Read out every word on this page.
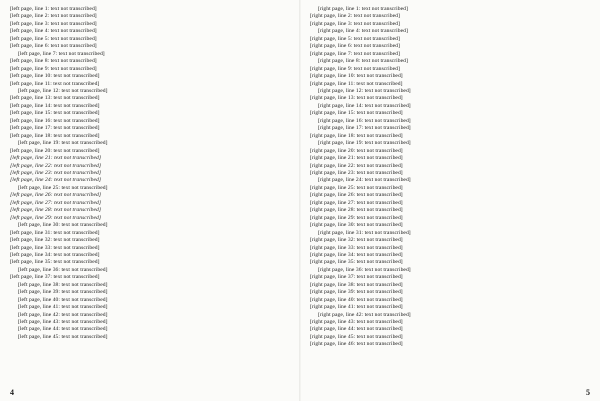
[left page, line 1: text not transcribed]
[left page, line 2: text not transcribed]
[left page, line 3: text not transcribed]
[left page, line 4: text not transcribed]
[left page, line 5: text not transcribed]
[left page, line 6: text not transcribed]
[left page, line 7: text not transcribed]
[left page, line 8: text not transcribed]
[left page, line 9: text not transcribed]
[left page, line 10: text not transcribed]
[left page, line 11: text not transcribed]
[left page, line 12: text not transcribed]
[left page, line 13: text not transcribed]
[left page, line 14: text not transcribed]
[left page, line 15: text not transcribed]
[left page, line 16: text not transcribed]
[left page, line 17: text not transcribed]
[left page, line 18: text not transcribed]
[left page, line 19: text not transcribed]
[left page, line 20: text not transcribed]
[left page, line 21: text not transcribed]
[left page, line 22: text not transcribed]
[left page, line 23: text not transcribed]
[left page, line 24: text not transcribed]
[left page, line 25: text not transcribed]
[left page, line 26: text not transcribed]
[left page, line 27: text not transcribed]
[left page, line 28: text not transcribed]
[left page, line 29: text not transcribed]
[left page, line 30: text not transcribed]
[left page, line 31: text not transcribed]
[left page, line 32: text not transcribed]
[left page, line 33: text not transcribed]
[left page, line 34: text not transcribed]
[left page, line 35: text not transcribed]
[left page, line 36: text not transcribed]
[left page, line 37: text not transcribed]
[left page, line 38: text not transcribed]
[left page, line 39: text not transcribed]
[left page, line 40: text not transcribed]
[left page, line 41: text not transcribed]
[left page, line 42: text not transcribed]
[left page, line 43: text not transcribed]
[left page, line 44: text not transcribed]
[left page, line 45: text not transcribed]
4
[right page, line 1: text not transcribed]
[right page, line 2: text not transcribed]
[right page, line 3: text not transcribed]
[right page, line 4: text not transcribed]
[right page, line 5: text not transcribed]
[right page, line 6: text not transcribed]
[right page, line 7: text not transcribed]
[right page, line 8: text not transcribed]
[right page, line 9: text not transcribed]
[right page, line 10: text not transcribed]
[right page, line 11: text not transcribed]
[right page, line 12: text not transcribed]
[right page, line 13: text not transcribed]
[right page, line 14: text not transcribed]
[right page, line 15: text not transcribed]
[right page, line 16: text not transcribed]
[right page, line 17: text not transcribed]
[right page, line 18: text not transcribed]
[right page, line 19: text not transcribed]
[right page, line 20: text not transcribed]
[right page, line 21: text not transcribed]
[right page, line 22: text not transcribed]
[right page, line 23: text not transcribed]
[right page, line 24: text not transcribed]
[right page, line 25: text not transcribed]
[right page, line 26: text not transcribed]
[right page, line 27: text not transcribed]
[right page, line 28: text not transcribed]
[right page, line 29: text not transcribed]
[right page, line 30: text not transcribed]
[right page, line 31: text not transcribed]
[right page, line 32: text not transcribed]
[right page, line 33: text not transcribed]
[right page, line 34: text not transcribed]
[right page, line 35: text not transcribed]
[right page, line 36: text not transcribed]
[right page, line 37: text not transcribed]
[right page, line 38: text not transcribed]
[right page, line 39: text not transcribed]
[right page, line 40: text not transcribed]
[right page, line 41: text not transcribed]
[right page, line 42: text not transcribed]
[right page, line 43: text not transcribed]
[right page, line 44: text not transcribed]
[right page, line 45: text not transcribed]
[right page, line 46: text not transcribed]
5
